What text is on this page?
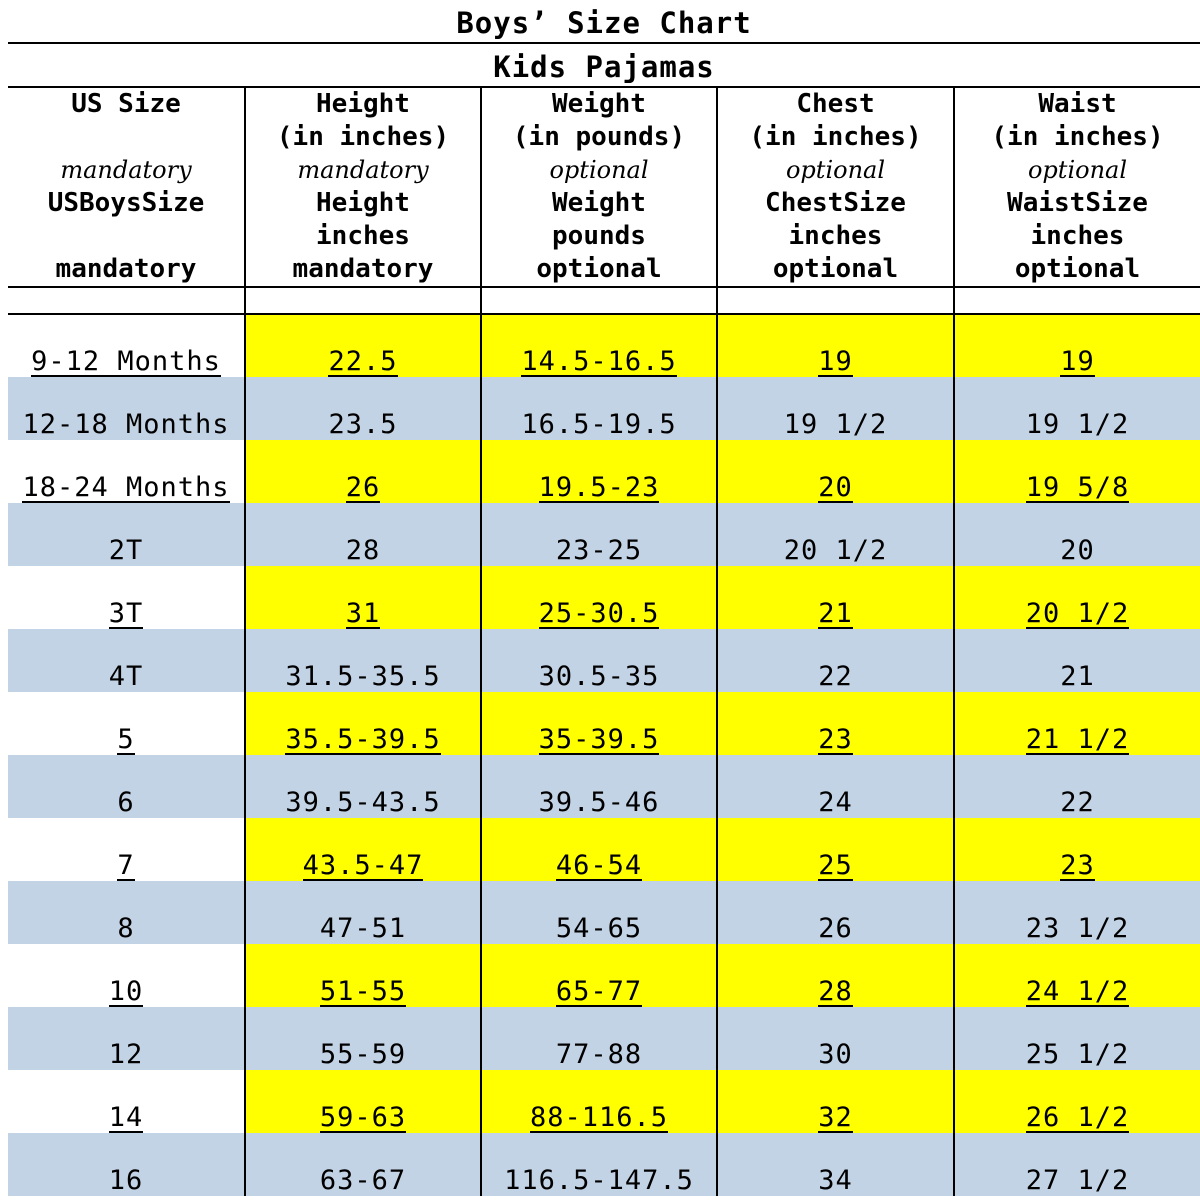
Boys’ Size Chart
Kids Pajamas
US Size	Height	Weight	Chest	Waist
	(in inches)	(in pounds)	(in inches)	(in inches)
mandatory	mandatory	optional	optional	optional
USBoysSize	Height	Weight	ChestSize	WaistSize
	inches	pounds	inches	inches
mandatory	mandatory	optional	optional	optional

9-12 Months	22.5	14.5-16.5	19	19
12-18 Months	23.5	16.5-19.5	19 1/2	19 1/2
18-24 Months	26	19.5-23	20	19 5/8
2T	28	23-25	20 1/2	20
3T	31	25-30.5	21	20 1/2
4T	31.5-35.5	30.5-35	22	21
5	35.5-39.5	35-39.5	23	21 1/2
6	39.5-43.5	39.5-46	24	22
7	43.5-47	46-54	25	23
8	47-51	54-65	26	23 1/2
10	51-55	65-77	28	24 1/2
12	55-59	77-88	30	25 1/2
14	59-63	88-116.5	32	26 1/2
16	63-67	116.5-147.5	34	27 1/2
